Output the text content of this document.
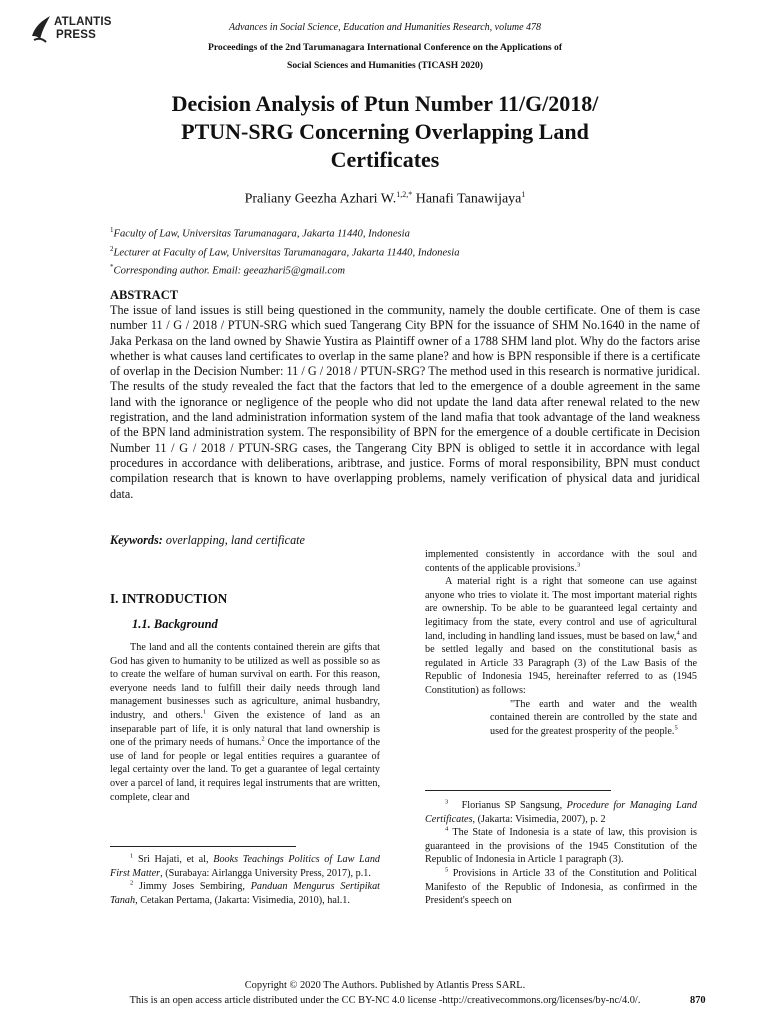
ATLANTIS
PRESS
Advances in Social Science, Education and Humanities Research, volume 478
Proceedings of the 2nd Tarumanagara International Conference on the Applications of
Social Sciences and Humanities (TICASH 2020)
Decision Analysis of Ptun Number 11/G/2018/
PTUN-SRG Concerning Overlapping Land
Certificates
Praliany Geezha Azhari W.$^{1,2,*}$ Hanafi Tanawijaya$^1$
$^1$Faculty of Law, Universitas Tarumanagara, Jakarta 11440, Indonesia
$^2$Lecturer at Faculty of Law, Universitas Tarumanagara, Jakarta 11440, Indonesia
*Corresponding author. Email: geeazhari5@gmail.com
ABSTRACT
The issue of land issues is still being questioned in the community, namely the double certificate. One of them is case number 11 / G / 2018 / PTUN-SRG which sued Tangerang City BPN for the issuance of SHM No.1640 in the name of Jaka Perkasa on the land owned by Shawie Yustira as Plaintiff owner of a 1788 SHM land plot. Why do the factors arise whether is what causes land certificates to overlap in the same plane? and how is BPN responsible if there is a certificate of overlap in the Decision Number: 11 / G / 2018 / PTUN-SRG? The method used in this research is normative juridical. The results of the study revealed the fact that the factors that led to the emergence of a double agreement in the same land with the ignorance or negligence of the people who did not update the land data after renewal related to the new registration, and the land administration information system of the land mafia that took advantage of the land weakness of the BPN land administration system. The responsibility of BPN for the emergence of a double certificate in Decision Number 11 / G / 2018 / PTUN-SRG cases, the Tangerang City BPN is obliged to settle it in accordance with legal procedures in accordance with deliberations, aribtrase, and justice. Forms of moral responsibility, BPN must conduct compilation research that is known to have overlapping problems, namely verification of physical data and juridical data.
Keywords: overlapping, land certificate
I. INTRODUCTION
1.1. Background

The land and all the contents contained therein are gifts that God has given to humanity to be utilized as well as possible so as to create the welfare of human survival on earth. For this reason, everyone needs land to fulfill their daily needs through land management businesses such as agriculture, animal husbandry, industry, and others.$^1$ Given the existence of land as an inseparable part of life, it is only natural that land ownership is one of the primary needs of humans.$^2$ Once the importance of the use of land for people or legal entities requires a guarantee of legal certainty over the land. To get a guarantee of legal certainty over a parcel of land, it requires legal instruments that are written, complete, clear and

$^1$ Sri Hajati, et al, Books Teachings Politics of Law Land First Matter, (Surabaya: Airlangga University Press, 2017), p.1.

$^2$ Jimmy Joses Sembiring, Panduan Mengurus Sertipikat Tanah, Cetakan Pertama, (Jakarta: Visimedia, 2010), hal.1.

implemented consistently in accordance with the soul and contents of the applicable provisions.$^3$

A material right is a right that someone can use against anyone who tries to violate it. The most important material rights are ownership. To be able to be guaranteed legal certainty and legitimacy from the state, every control and use of agricultural land, including in handling land issues, must be based on law,$^4$ and be settled legally and based on the constitutional basis as regulated in Article 33 Paragraph (3) of the Law Basis of the Republic of Indonesia 1945, hereinafter referred to as (1945 Constitution) as follows:

"The earth and water and the wealth contained therein are controlled by the state and used for the greatest prosperity of the people.$^5$

$^3$ Florianus SP Sangsung, Procedure for Managing Land Certificates, (Jakarta: Visimedia, 2007), p. 2

$^4$ The State of Indonesia is a state of law, this provision is guaranteed in the provisions of the 1945 Constitution of the Republic of Indonesia in Article 1 paragraph (3).

$^5$ Provisions in Article 33 of the Constitution and Political Manifesto of the Republic of Indonesia, as confirmed in the President's speech on

Copyright © 2020 The Authors. Published by Atlantis Press SARL.
This is an open access article distributed under the CC BY-NC 4.0 license -http://creativecommons.org/licenses/by-nc/4.0/.	870
